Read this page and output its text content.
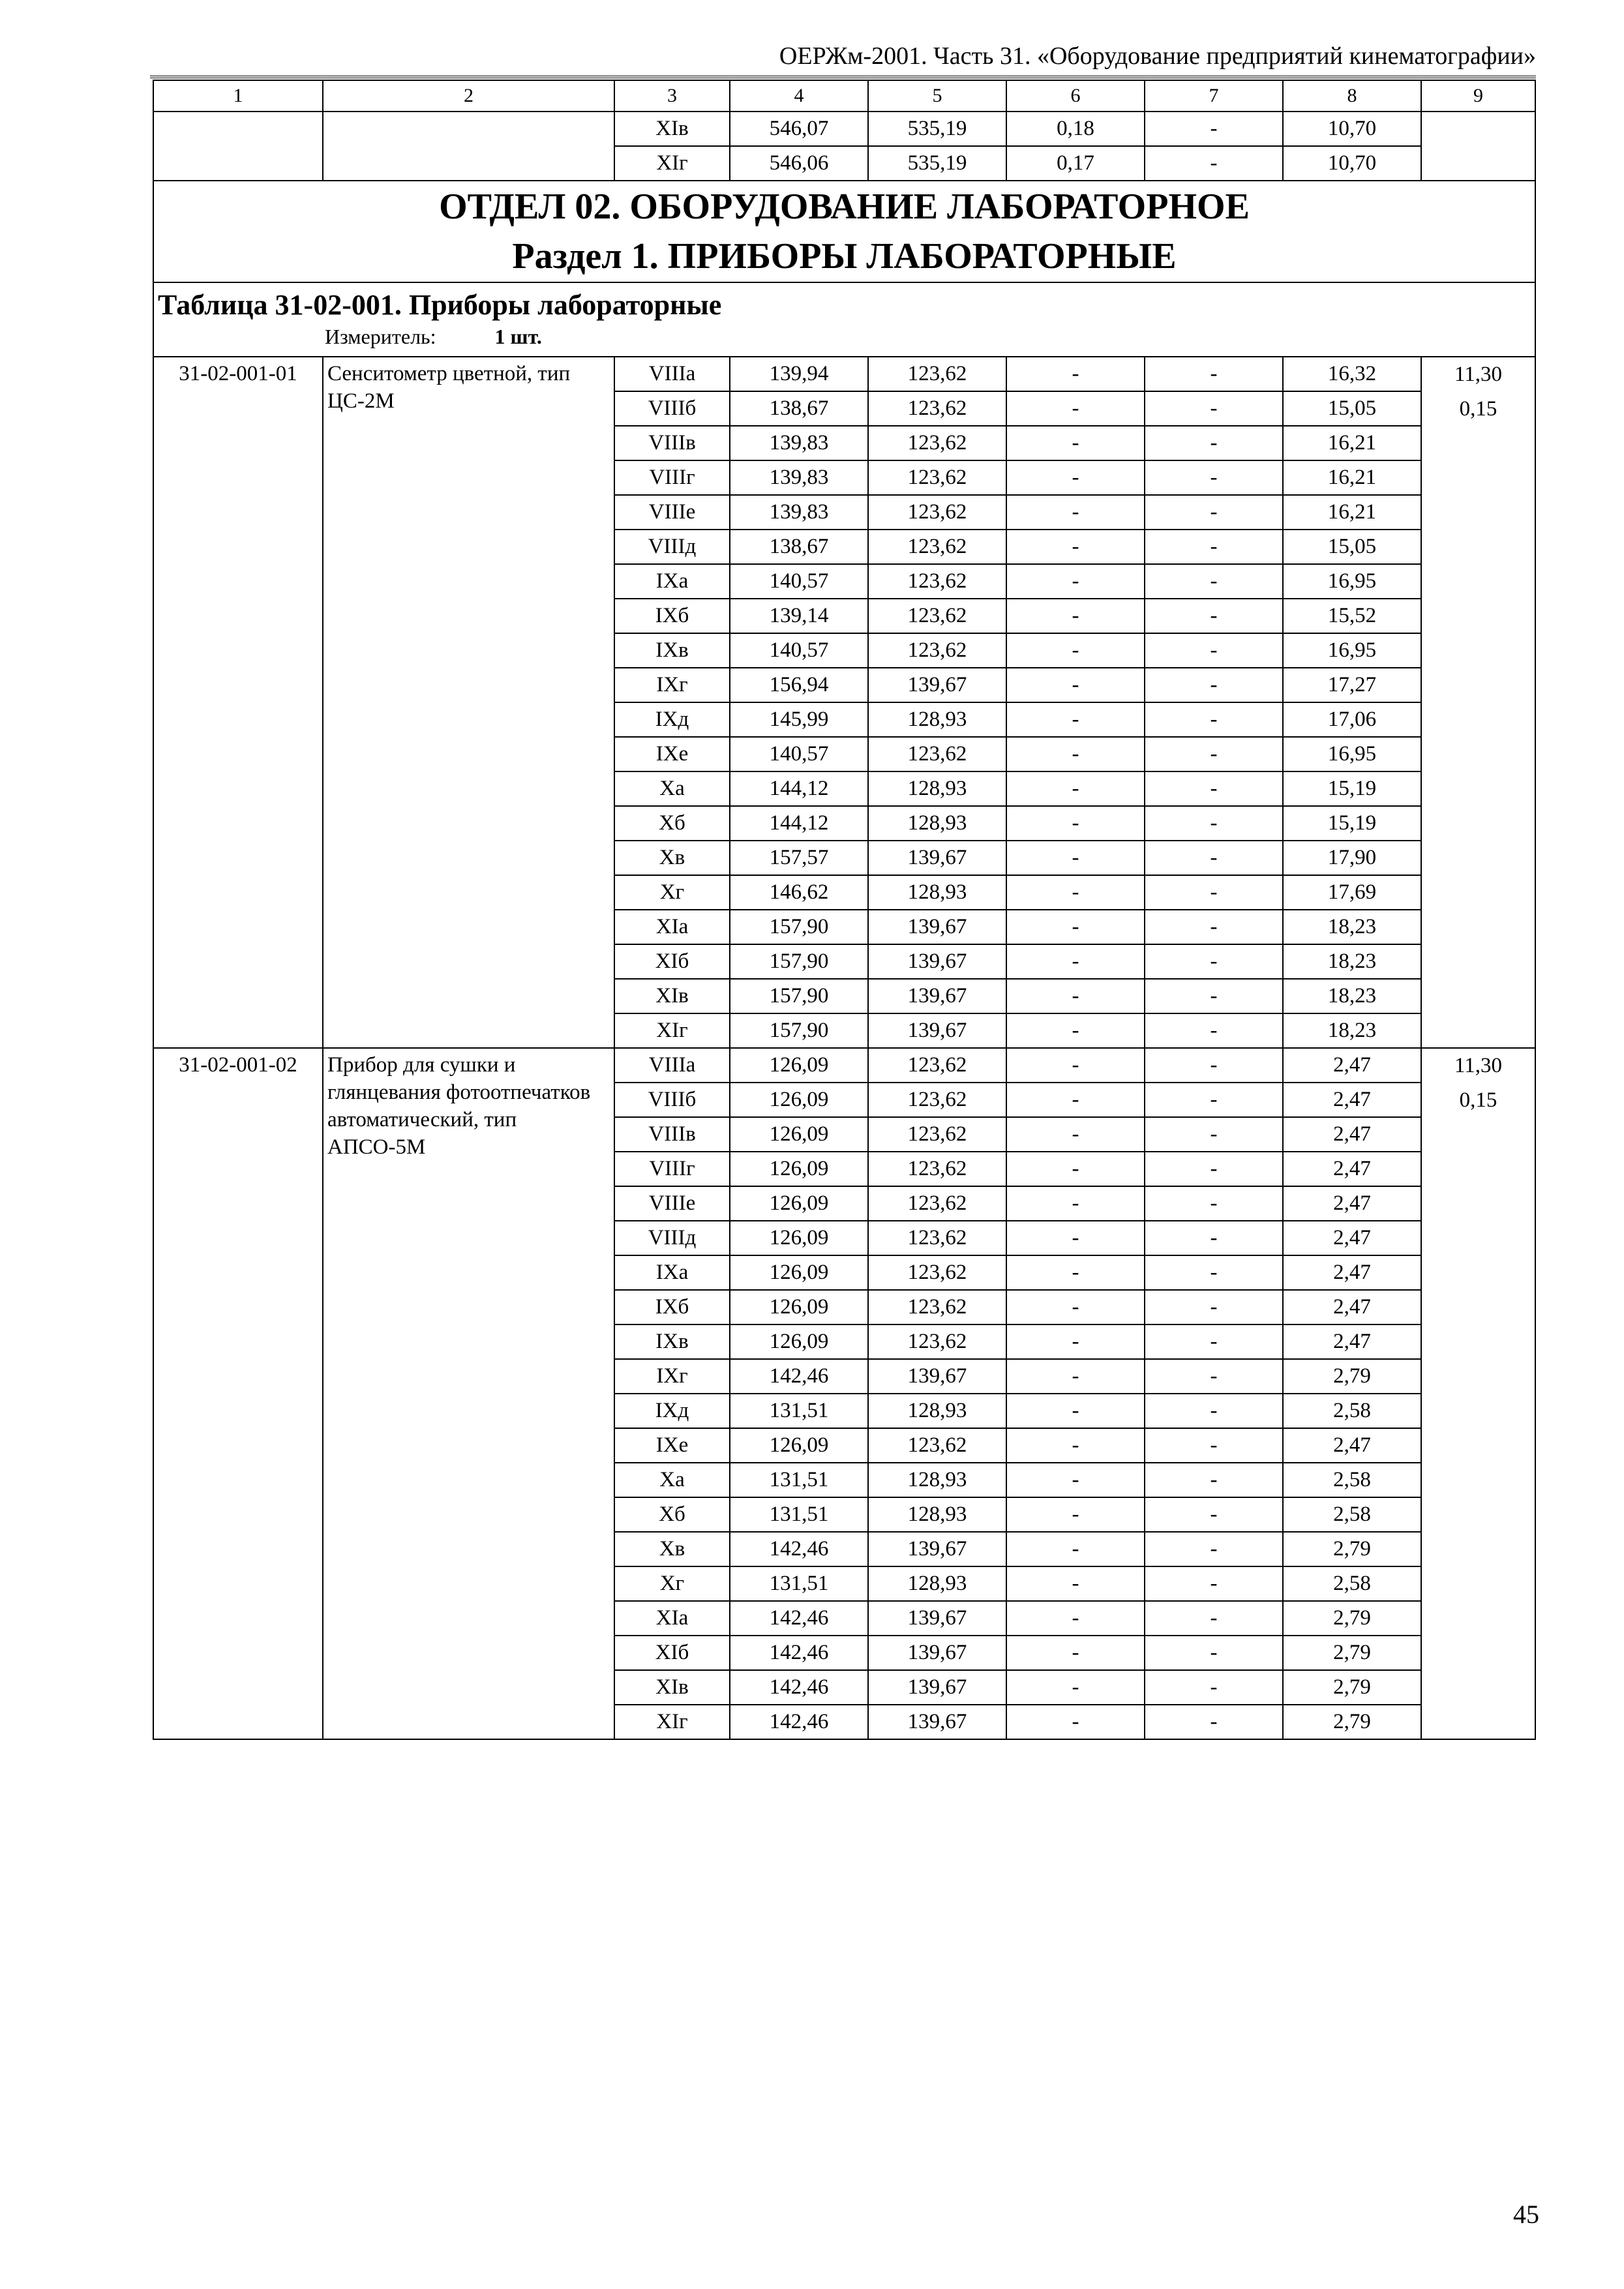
ОЕРЖм-2001. Часть 31. «Оборудование предприятий кинематографии»
1	2	3	4	5	6	7	8	9
		XIв	546,07	535,19	0,18	-	10,70	
		XIг	546,06	535,19	0,17	-	10,70	

ОТДЕЛ 02. ОБОРУДОВАНИЕ ЛАБОРАТОРНОЕ
Раздел 1. ПРИБОРЫ ЛАБОРАТОРНЫЕ								

Таблица 31-02-001. Приборы лабораторные
Измеритель: 1 шт.								

31-02-001-01	Сенситометр цветной, тип ЦС-2М	VIIIа	139,94	123,62	-	-	16,32	11,30
0,15

		VIIIб	138,67	123,62	-	-	15,05	
		VIIIв	139,83	123,62	-	-	16,21	
		VIIIг	139,83	123,62	-	-	16,21	
		VIIIе	139,83	123,62	-	-	16,21	
		VIIIд	138,67	123,62	-	-	15,05	
		IXа	140,57	123,62	-	-	16,95	
		IXб	139,14	123,62	-	-	15,52	
		IXв	140,57	123,62	-	-	16,95	
		IXг	156,94	139,67	-	-	17,27	
		IXд	145,99	128,93	-	-	17,06	
		IXе	140,57	123,62	-	-	16,95	
		Xа	144,12	128,93	-	-	15,19	
		Xб	144,12	128,93	-	-	15,19	
		Xв	157,57	139,67	-	-	17,90	
		Xг	146,62	128,93	-	-	17,69	
		XIа	157,90	139,67	-	-	18,23	
		XIб	157,90	139,67	-	-	18,23	
		XIв	157,90	139,67	-	-	18,23	
		XIг	157,90	139,67	-	-	18,23	
31-02-001-02	Прибор для сушки и глянцевания фотоотпечатков автоматический, тип АПСО-5М	VIIIа	126,09	123,62	-	-	2,47	11,30
0,15

		VIIIб	126,09	123,62	-	-	2,47	
		VIIIв	126,09	123,62	-	-	2,47	
		VIIIг	126,09	123,62	-	-	2,47	
		VIIIе	126,09	123,62	-	-	2,47	
		VIIIд	126,09	123,62	-	-	2,47	
		IXа	126,09	123,62	-	-	2,47	
		IXб	126,09	123,62	-	-	2,47	
		IXв	126,09	123,62	-	-	2,47	
		IXг	142,46	139,67	-	-	2,79	
		IXд	131,51	128,93	-	-	2,58	
		IXе	126,09	123,62	-	-	2,47	
		Xа	131,51	128,93	-	-	2,58	
		Xб	131,51	128,93	-	-	2,58	
		Xв	142,46	139,67	-	-	2,79	
		Xг	131,51	128,93	-	-	2,58	
		XIа	142,46	139,67	-	-	2,79	
		XIб	142,46	139,67	-	-	2,79	
		XIв	142,46	139,67	-	-	2,79	
		XIг	142,46	139,67	-	-	2,79	
45
